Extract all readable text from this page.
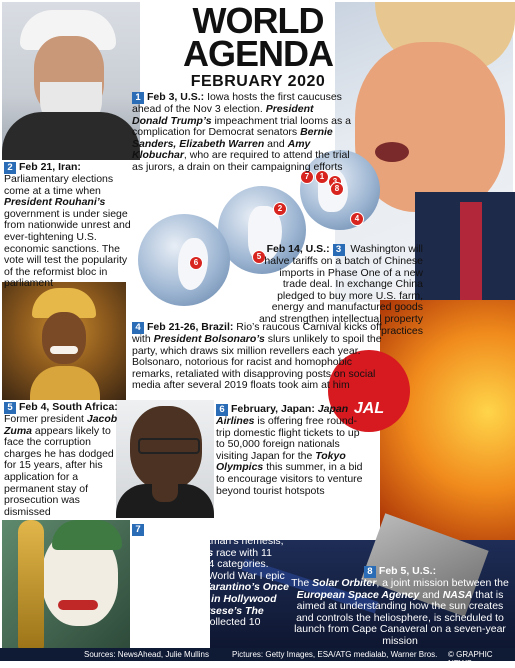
7	1
8
4
2
5
6
JAL
WORLD
AGENDA
FEBRUARY 2020
1 Feb 3, U.S.: Iowa hosts the first caucuses ahead of the Nov 3 election. President Donald Trump’s impeachment trial looms as a complication for Democrat senators Bernie Sanders, Elizabeth Warren and Amy Klobuchar, who are required to attend the trial as jurors, a drain on their campaigning efforts
2 Feb 21, Iran: Parliamentary elections come at a time when President Rouhani’s government is under siege from nationwide unrest and ever-tightening U.S. economic sanctions. The vote will test the popularity of the reformist bloc in parliament
Feb 14, U.S.: 3 Washington will halve tariffs on a batch of Chinese imports in Phase One of a new trade deal. In exchange China pledged to buy more U.S. farm, energy and manufactured goods and strengthen intellectual property practices
4 Feb 21-26, Brazil: Rio’s raucous Carnival kicks off with President Bolsonaro’s slurs unlikely to spoil the party, which draws six million revellers each year. Bolsonaro, notorious for racist and homophobic remarks, retaliated with disapproving posts on social media after several 2019 floats took aim at him
5 Feb 4, South Africa: Former president Jacob Zuma appears likely to face the corruption charges he has dodged for 15 years, after his application for a permanent stay of prosecution was dismissed
6 February, Japan: Japan Airlines is offering free round-trip domestic flight tickets to up to 50,000 foreign nationals visiting Japan for the Tokyo Olympics this summer, in a bid to encourage visitors to venture beyond tourist hotspots
7 Feb 9, U.S.: Todd Phillips’ Joker, about Batman’s nemesis, leads the Oscars race with 11 nominations in 24 categories. Sam Mendes’s World War I epic 1917, Quentin Tarantino’s Once Upon a Time … in Hollywood and Martin Scorsese’s The Irishman each collected 10
8 Feb 5, U.S.:
The Solar Orbiter, a joint mission between the European Space Agency and NASA that is aimed at understanding how the sun creates and controls the heliosphere, is scheduled to launch from Cape Canaveral on a seven-year mission
Sources: NewsAhead, Julie Mullins	Pictures: Getty Images, ESA/ATG medialab, Warner Bros. © GRAPHIC NEWS
